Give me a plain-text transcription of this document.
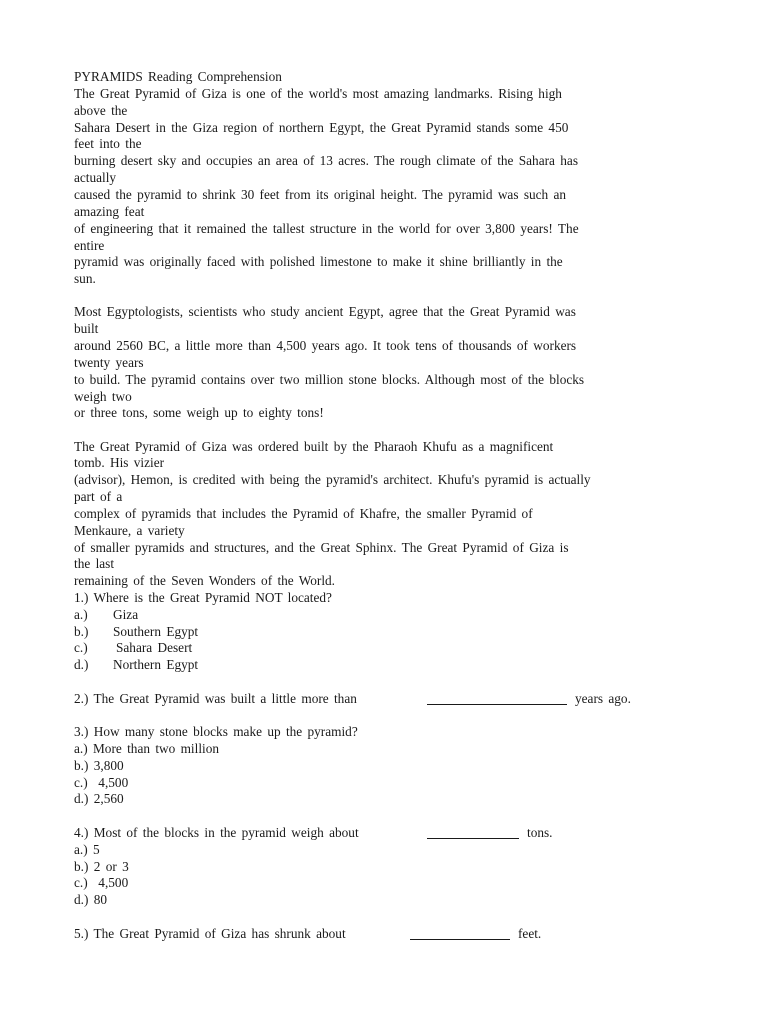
PYRAMIDS Reading Comprehension
The Great Pyramid of Giza is one of the world's most amazing landmarks. Rising high
above the
Sahara Desert in the Giza region of northern Egypt, the Great Pyramid stands some 450
feet into the
burning desert sky and occupies an area of 13 acres. The rough climate of the Sahara has
actually
caused the pyramid to shrink 30 feet from its original height. The pyramid was such an
amazing feat
of engineering that it remained the tallest structure in the world for over 3,800 years! The
entire
pyramid was originally faced with polished limestone to make it shine brilliantly in the
sun.
Most Egyptologists, scientists who study ancient Egypt, agree that the Great Pyramid was
built
around 2560 BC, a little more than 4,500 years ago. It took tens of thousands of workers
twenty years
to build. The pyramid contains over two million stone blocks. Although most of the blocks
weigh two
or three tons, some weigh up to eighty tons!
The Great Pyramid of Giza was ordered built by the Pharaoh Khufu as a magnificent
tomb. His vizier
(advisor), Hemon, is credited with being the pyramid's architect. Khufu's pyramid is actually
part of a
complex of pyramids that includes the Pyramid of Khafre, the smaller Pyramid of
Menkaure, a variety
of smaller pyramids and structures, and the Great Sphinx. The Great Pyramid of Giza is
the last
remaining of the Seven Wonders of the World.
1.) Where is the Great Pyramid NOT located?
a.) Giza
b.) Southern Egypt
c.) Sahara Desert
d.) Northern Egypt
2.) The Great Pyramid was built a little more than	years ago.
3.) How many stone blocks make up the pyramid?
a.) More than two million
b.) 3,800
c.)  4,500
d.) 2,560
4.) Most of the blocks in the pyramid weigh about	tons.
a.) 5
b.) 2 or 3
c.)  4,500
d.) 80
5.) The Great Pyramid of Giza has shrunk about	feet.
